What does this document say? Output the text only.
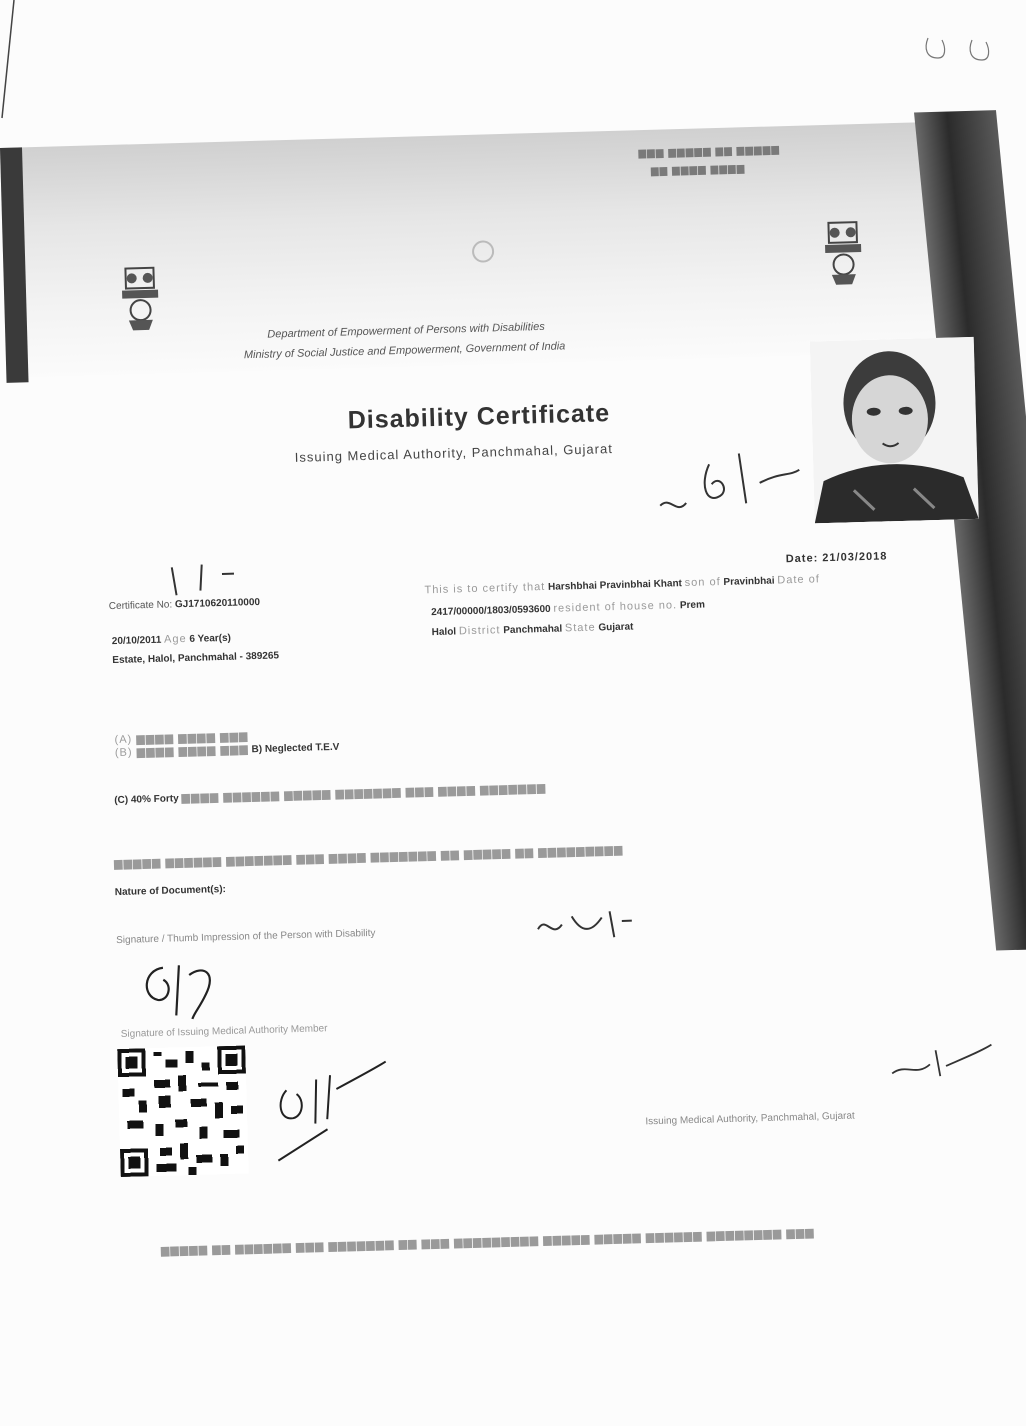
▆▆▆ ▆▆▆▆▆ ▆▆ ▆▆▆▆▆
▆▆ ▆▆▆▆ ▆▆▆▆
Department of Empowerment of Persons with Disabilities
Ministry of Social Justice and Empowerment, Government of India
Disability Certificate
Issuing Medical Authority, Panchmahal, Gujarat
Date: 21/03/2018
Certificate No: GJ1710620110000
This is to certify that Harshbhai Pravinbhai Khant son of Pravinbhai Date of
20/10/2011 Age 6 Year(s)
2417/00000/1803/0593600 resident of house no. Prem
Estate, Halol, Panchmahal - 389265
Halol District Panchmahal State Gujarat
(A) ▆▆▆▆ ▆▆▆▆ ▆▆▆
(B) ▆▆▆▆ ▆▆▆▆ ▆▆▆ B) Neglected T.E.V
(C) 40% Forty ▆▆▆▆ ▆▆▆▆▆▆ ▆▆▆▆▆ ▆▆▆▆▆▆▆ ▆▆▆ ▆▆▆▆ ▆▆▆▆▆▆▆
▆▆▆▆▆ ▆▆▆▆▆▆ ▆▆▆▆▆▆▆ ▆▆▆ ▆▆▆▆ ▆▆▆▆▆▆▆ ▆▆ ▆▆▆▆▆ ▆▆ ▆▆▆▆▆▆▆▆▆
Nature of Document(s):
Signature / Thumb Impression of the Person with Disability
Signature of Issuing Medical Authority Member
Issuing Medical Authority, Panchmahal, Gujarat
▆▆▆▆▆ ▆▆ ▆▆▆▆▆▆ ▆▆▆ ▆▆▆▆▆▆▆ ▆▆ ▆▆▆ ▆▆▆▆▆▆▆▆▆ ▆▆▆▆▆ ▆▆▆▆▆ ▆▆▆▆▆▆ ▆▆▆▆▆▆▆▆ ▆▆▆
